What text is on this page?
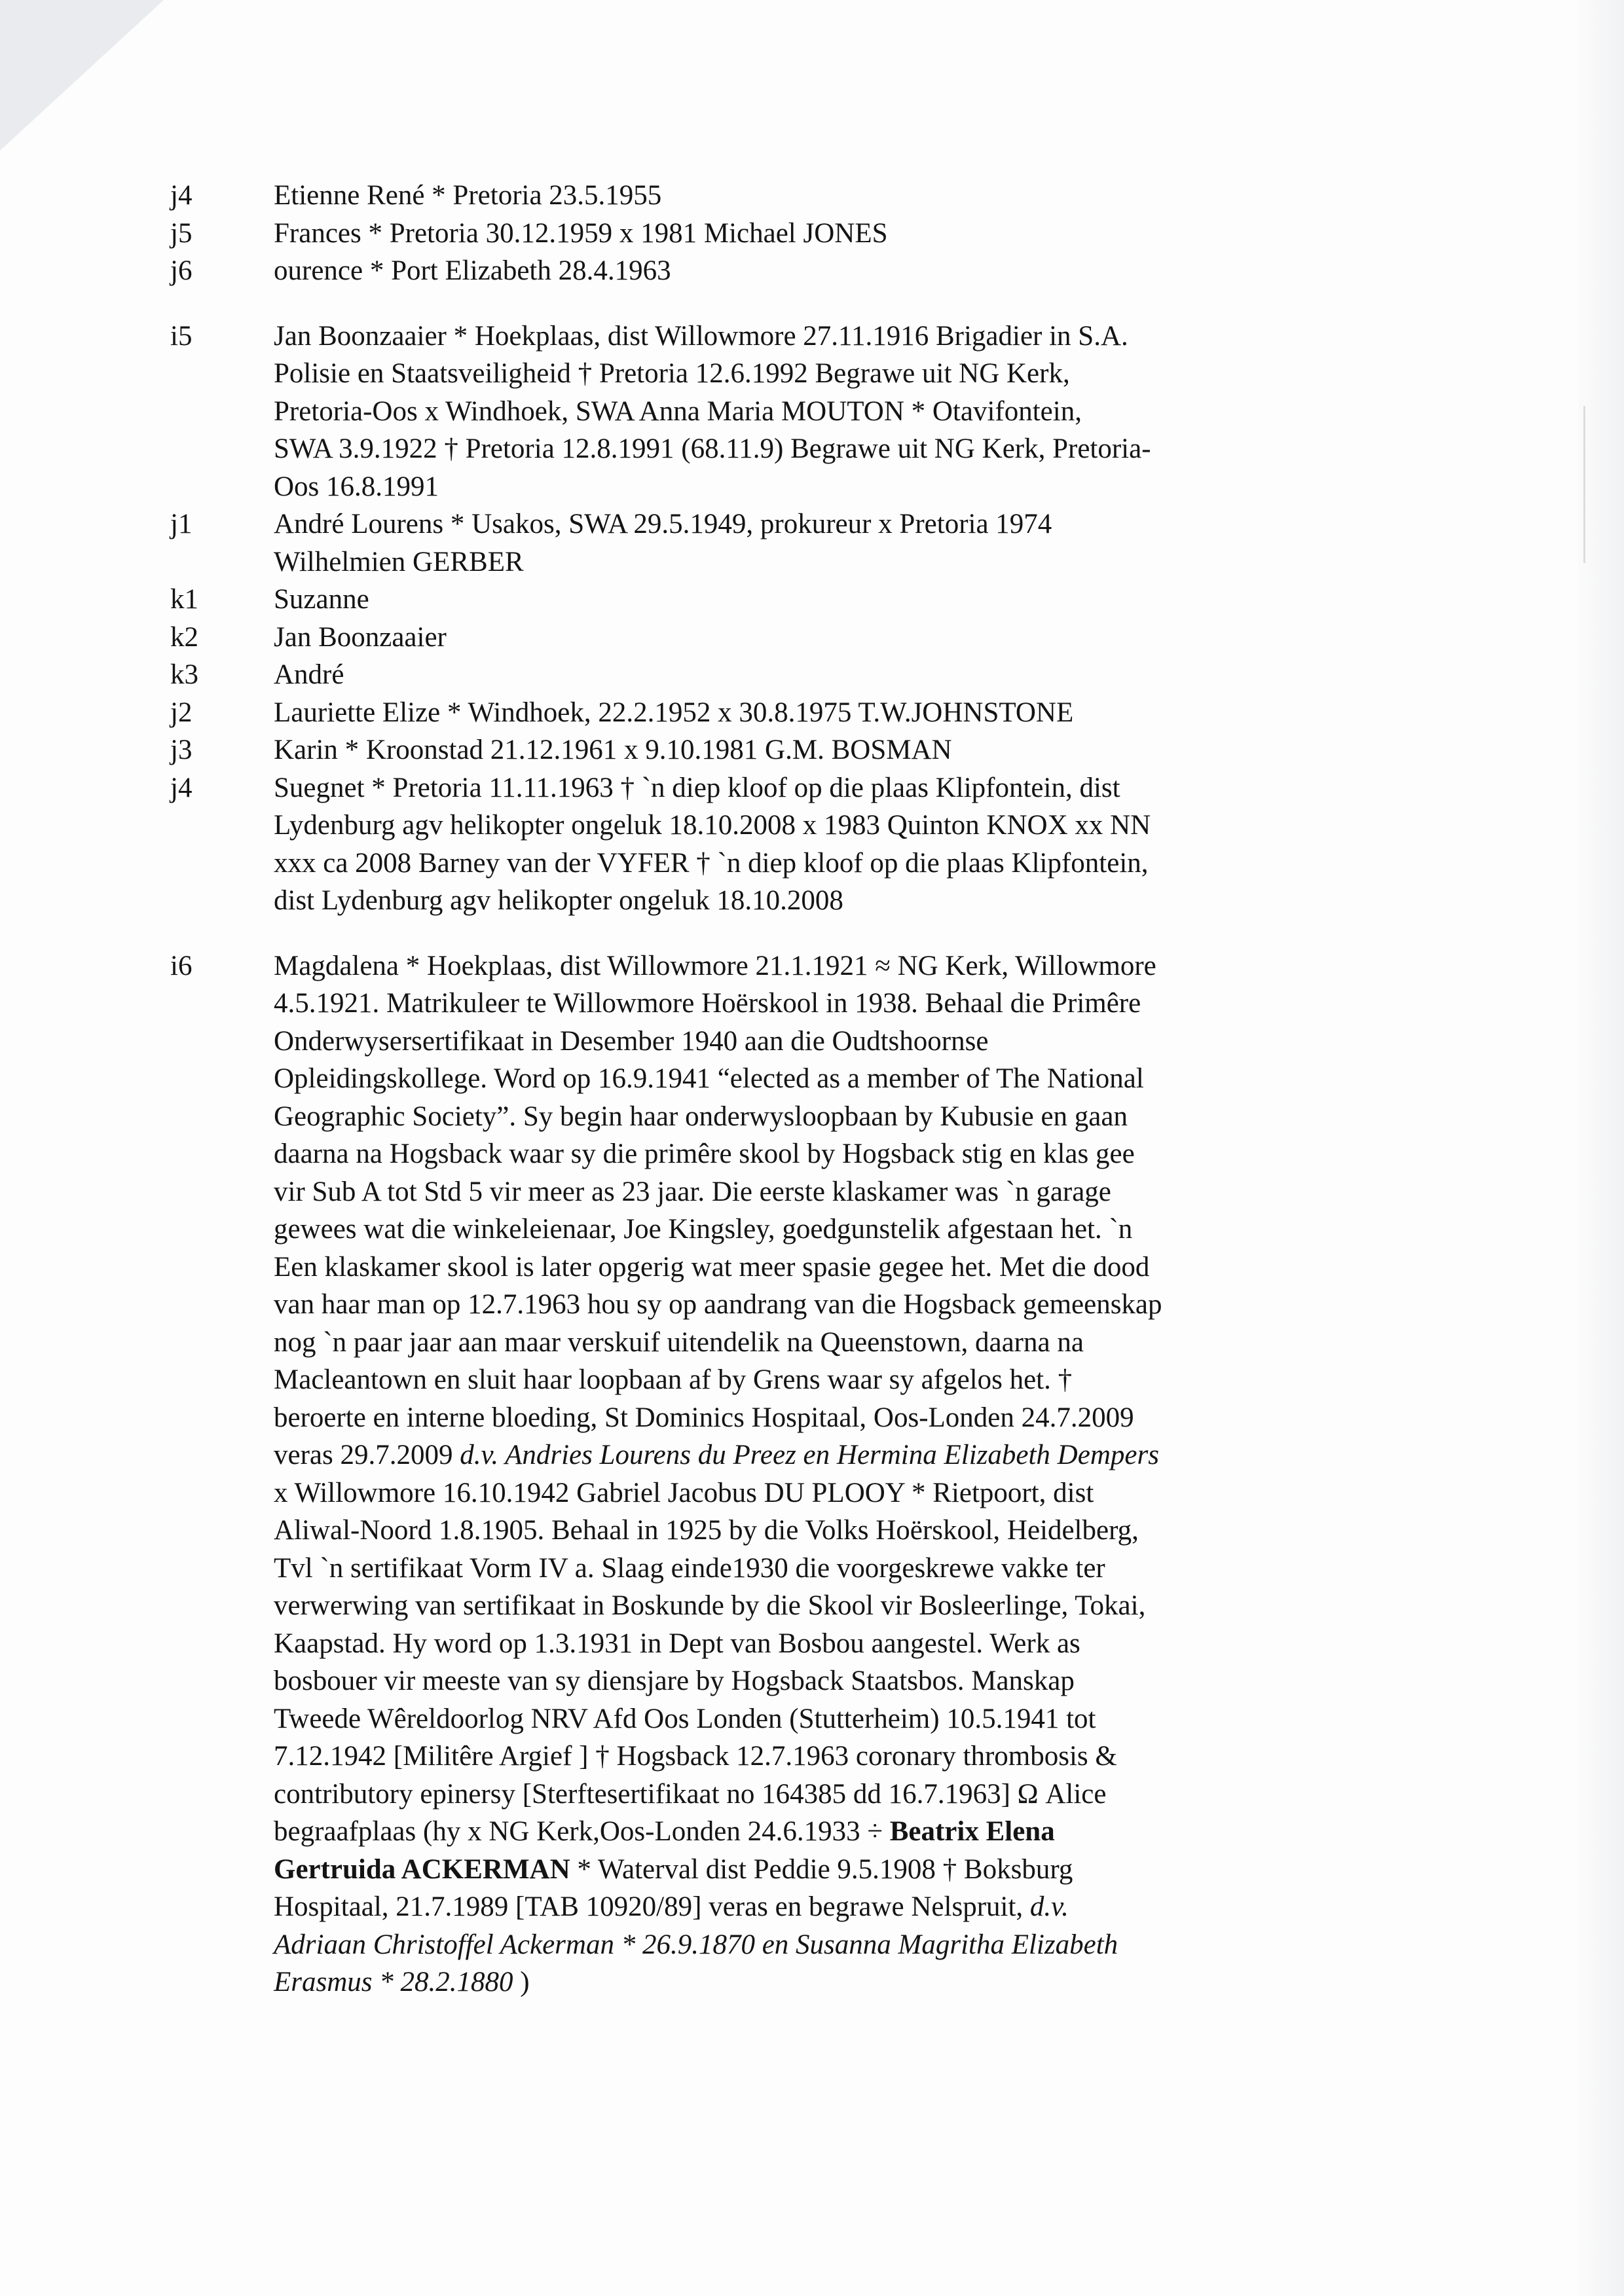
j4	Etienne René * Pretoria 23.5.1955
j5	Frances * Pretoria 30.12.1959 x 1981 Michael JONES
j6	ourence * Port Elizabeth 28.4.1963
i5	Jan Boonzaaier * Hoekplaas, dist Willowmore 27.11.1916 Brigadier in S.A.
Polisie en Staatsveiligheid † Pretoria 12.6.1992 Begrawe uit NG Kerk,
Pretoria-Oos x Windhoek, SWA Anna Maria MOUTON * Otavifontein,
SWA 3.9.1922 † Pretoria 12.8.1991 (68.11.9) Begrawe uit NG Kerk, Pretoria-
Oos 16.8.1991
j1	André Lourens * Usakos, SWA 29.5.1949, prokureur x Pretoria 1974
Wilhelmien GERBER
k1	Suzanne
k2	Jan Boonzaaier
k3	André
j2	Lauriette Elize * Windhoek, 22.2.1952 x 30.8.1975 T.W.JOHNSTONE
j3	Karin * Kroonstad 21.12.1961 x 9.10.1981 G.M. BOSMAN
j4	Suegnet * Pretoria 11.11.1963 † `n diep kloof op die plaas Klipfontein, dist
Lydenburg agv helikopter ongeluk 18.10.2008 x 1983 Quinton KNOX xx NN
xxx ca 2008 Barney van der VYFER † `n diep kloof op die plaas Klipfontein,
dist Lydenburg agv helikopter ongeluk 18.10.2008
i6	Magdalena * Hoekplaas, dist Willowmore 21.1.1921 ≈ NG Kerk, Willowmore
4.5.1921. Matrikuleer te Willowmore Hoërskool in 1938. Behaal die Primêre
Onderwysersertifikaat in Desember 1940 aan die Oudtshoornse
Opleidingskollege. Word op 16.9.1941 “elected as a member of The National
Geographic Society”. Sy begin haar onderwysloopbaan by Kubusie en gaan
daarna na Hogsback waar sy die primêre skool by Hogsback stig en klas gee
vir Sub A tot Std 5 vir meer as 23 jaar. Die eerste klaskamer was `n garage
gewees wat die winkeleienaar, Joe Kingsley, goedgunstelik afgestaan het. `n
Een klaskamer skool is later opgerig wat meer spasie gegee het. Met die dood
van haar man op 12.7.1963 hou sy op aandrang van die Hogsback gemeenskap
nog `n paar jaar aan maar verskuif uitendelik na Queenstown, daarna na
Macleantown en sluit haar loopbaan af by Grens waar sy afgelos het. †
beroerte en interne bloeding, St Dominics Hospitaal, Oos-Londen 24.7.2009
veras 29.7.2009 d.v. Andries Lourens du Preez en Hermina Elizabeth Dempers
x Willowmore 16.10.1942 Gabriel Jacobus DU PLOOY * Rietpoort, dist
Aliwal-Noord 1.8.1905. Behaal in 1925 by die Volks Hoërskool, Heidelberg,
Tvl `n sertifikaat Vorm IV a. Slaag einde1930 die voorgeskrewe vakke ter
verwerwing van sertifikaat in Boskunde by die Skool vir Bosleerlinge, Tokai,
Kaapstad. Hy word op 1.3.1931 in Dept van Bosbou aangestel. Werk as
bosbouer vir meeste van sy diensjare by Hogsback Staatsbos. Manskap
Tweede Wêreldoorlog NRV Afd Oos Londen (Stutterheim) 10.5.1941 tot
7.12.1942 [Militêre Argief ] † Hogsback 12.7.1963 coronary thrombosis &
contributory epinersy [Sterftesertifikaat no 164385 dd 16.7.1963] Ω Alice
begraafplaas (hy x NG Kerk,Oos-Londen 24.6.1933 ÷ Beatrix Elena
Gertruida ACKERMAN * Waterval dist Peddie 9.5.1908 † Boksburg
Hospitaal, 21.7.1989 [TAB 10920/89] veras en begrawe Nelspruit, d.v.
Adriaan Christoffel Ackerman * 26.9.1870 en Susanna Magritha Elizabeth
Erasmus * 28.2.1880 )
